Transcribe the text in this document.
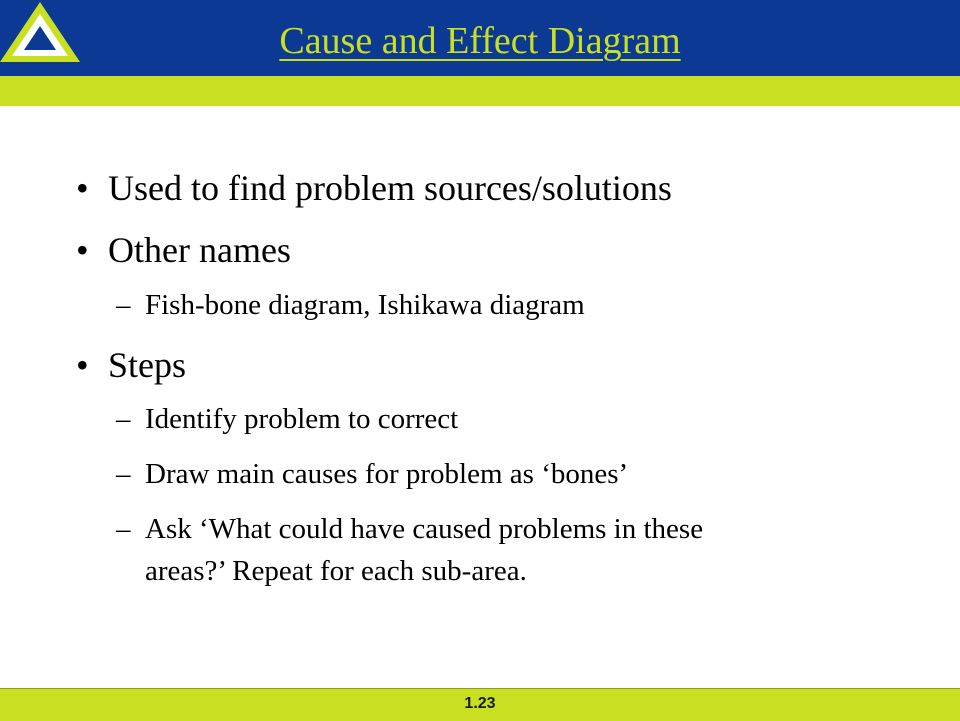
Cause and Effect Diagram
• Used to find problem sources/solutions
• Other names
– Fish-bone diagram, Ishikawa diagram
• Steps
– Identify problem to correct
– Draw main causes for problem as ‘bones’
– Ask ‘What could have caused problems in these
areas?’ Repeat for each sub-area.
1.23
